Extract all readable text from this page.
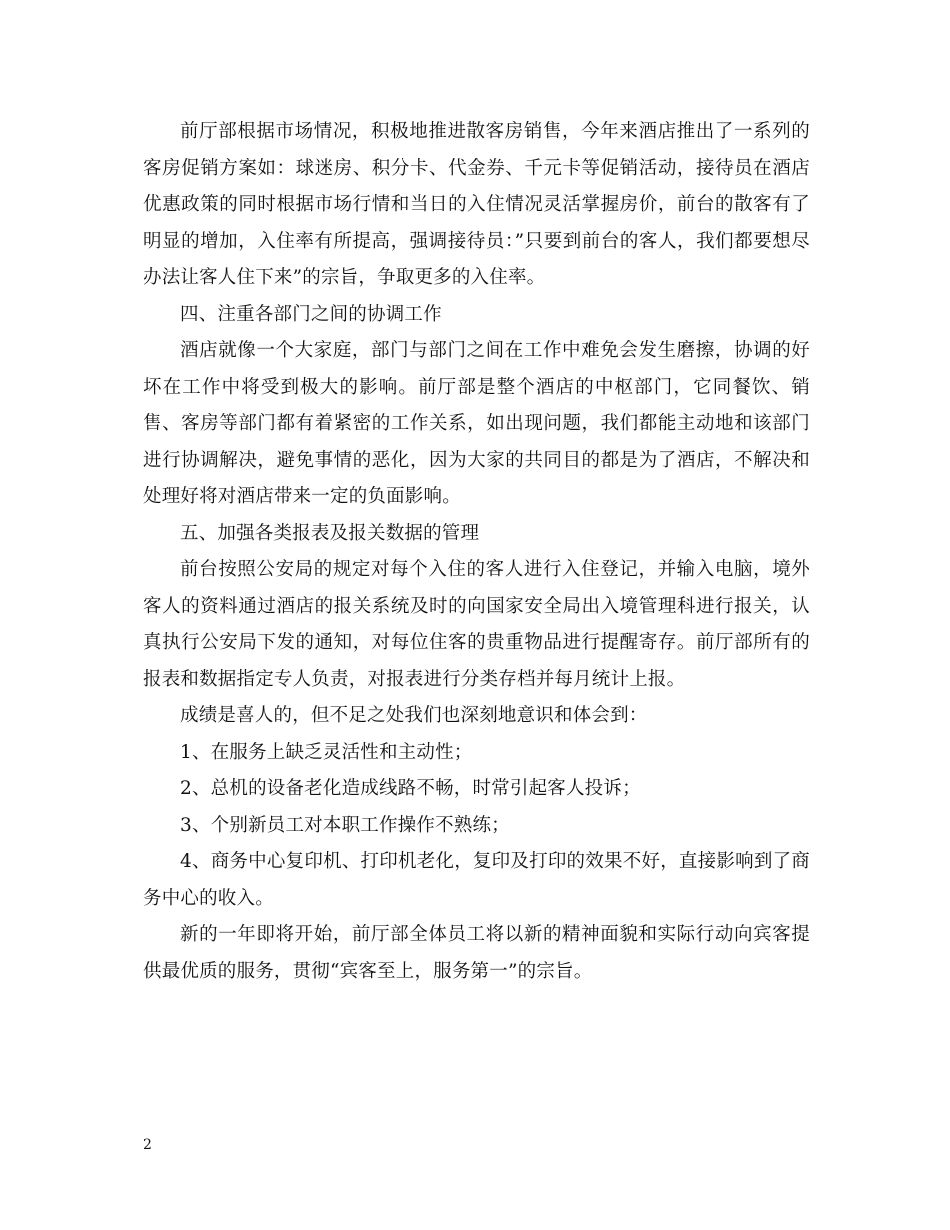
前厅部根据市场情况，积极地推进散客房销售，今年来酒店推出了一系列的客房促销方案如：球迷房、积分卡、代金券、千元卡等促销活动，接待员在酒店优惠政策的同时根据市场行情和当日的入住情况灵活掌握房价，前台的散客有了明显的增加，入住率有所提高，强调接待员：”只要到前台的客人，我们都要想尽办法让客人住下来”的宗旨，争取更多的入住率。

四、注重各部门之间的协调工作

酒店就像一个大家庭，部门与部门之间在工作中难免会发生磨擦，协调的好坏在工作中将受到极大的影响。前厅部是整个酒店的中枢部门，它同餐饮、销售、客房等部门都有着紧密的工作关系，如出现问题，我们都能主动地和该部门进行协调解决，避免事情的恶化，因为大家的共同目的都是为了酒店，不解决和处理好将对酒店带来一定的负面影响。

五、加强各类报表及报关数据的管理

前台按照公安局的规定对每个入住的客人进行入住登记，并输入电脑，境外客人的资料通过酒店的报关系统及时的向国家安全局出入境管理科进行报关，认真执行公安局下发的通知，对每位住客的贵重物品进行提醒寄存。前厅部所有的报表和数据指定专人负责，对报表进行分类存档并每月统计上报。

成绩是喜人的，但不足之处我们也深刻地意识和体会到：

1、在服务上缺乏灵活性和主动性；

2、总机的设备老化造成线路不畅，时常引起客人投诉；

3、个别新员工对本职工作操作不熟练；

4、商务中心复印机、打印机老化，复印及打印的效果不好，直接影响到了商务中心的收入。

新的一年即将开始，前厅部全体员工将以新的精神面貌和实际行动向宾客提供最优质的服务，贯彻“宾客至上，服务第一”的宗旨。

2
